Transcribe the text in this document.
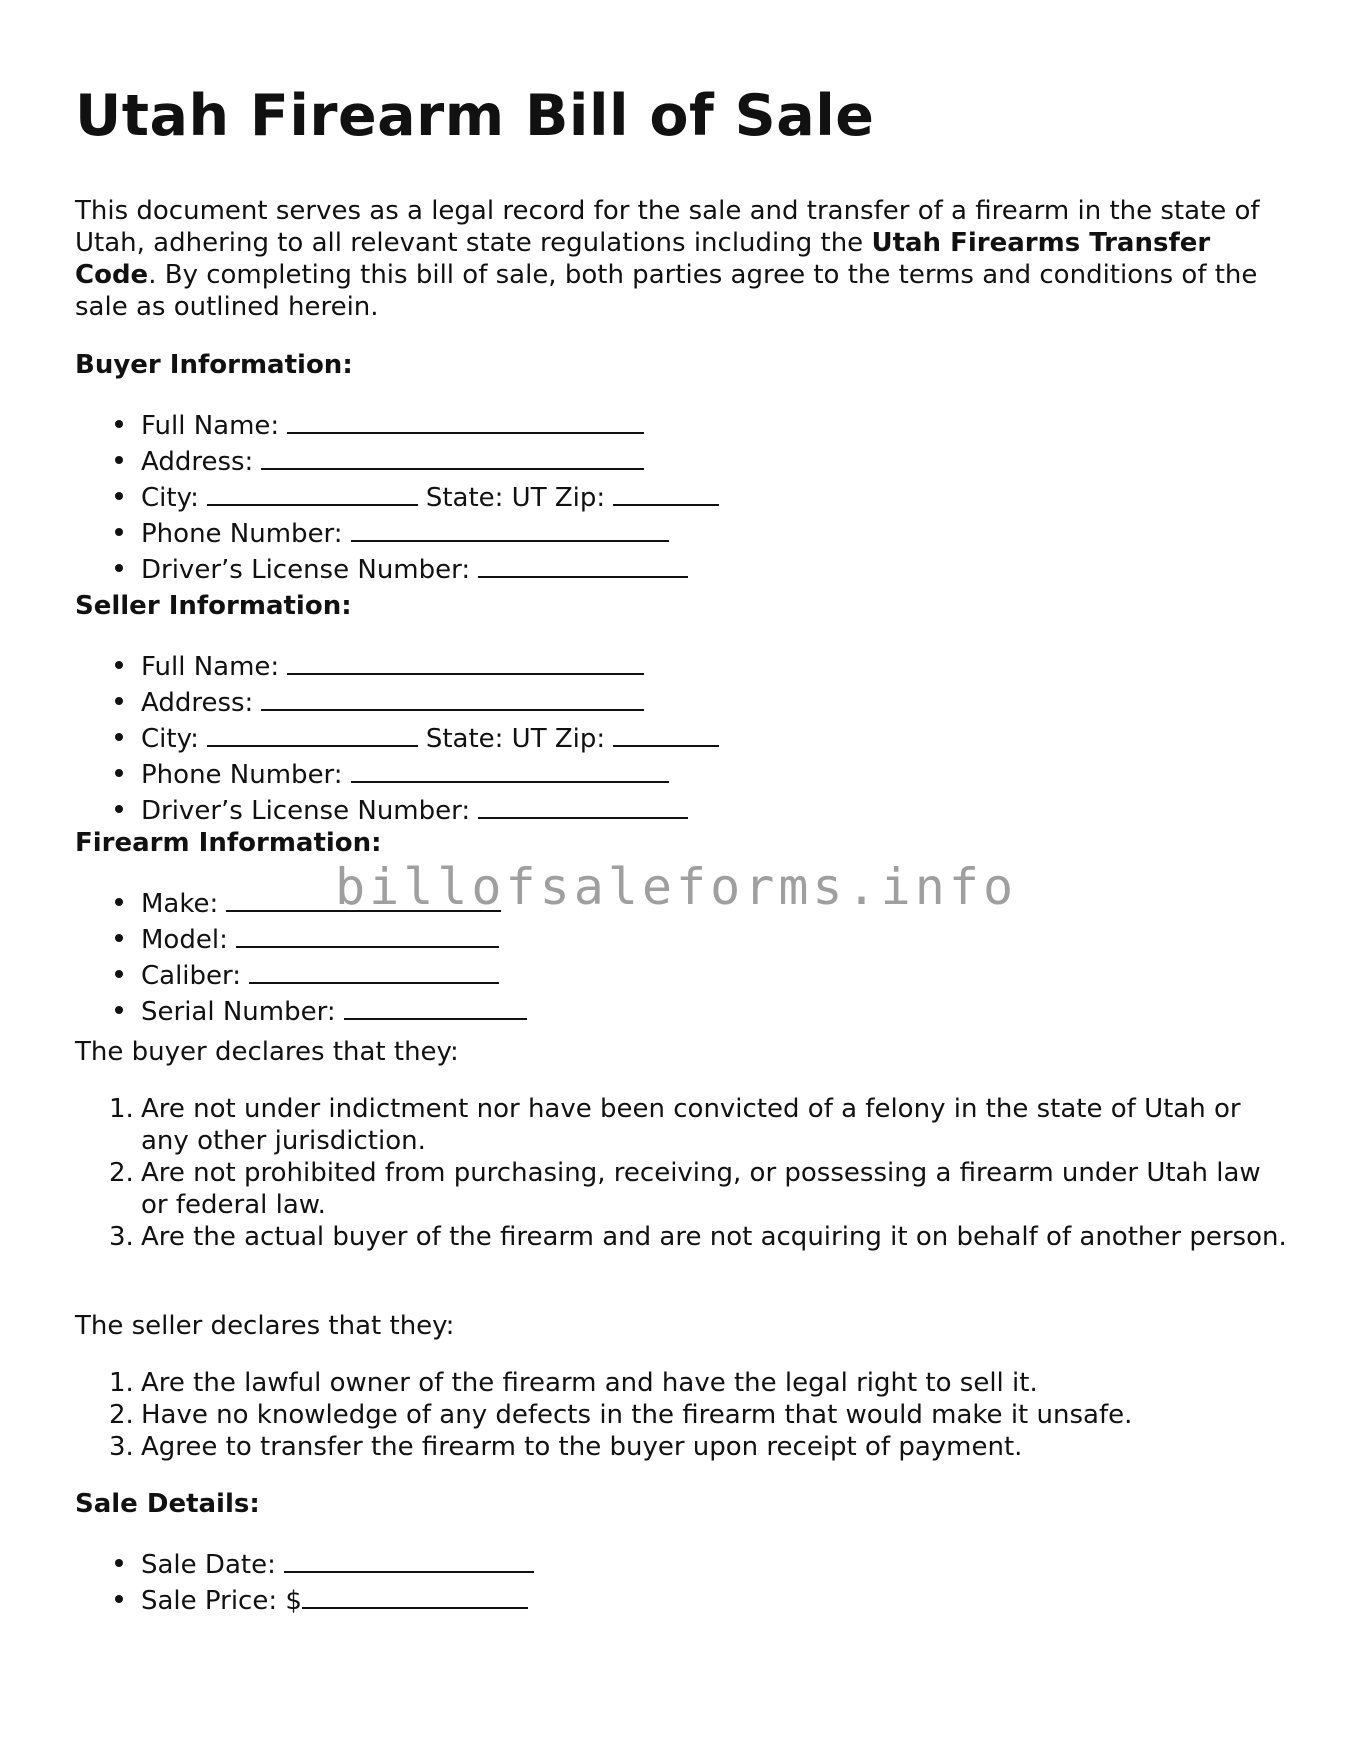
Utah Firearm Bill of Sale

This document serves as a legal record for the sale and transfer of a firearm in the state of Utah, adhering to all relevant state regulations including the Utah Firearms Transfer Code. By completing this bill of sale, both parties agree to the terms and conditions of the sale as outlined herein.

Buyer Information:

Full Name:
Address:
City:	State: UT Zip:
Phone Number:
Driver’s License Number:

Seller Information:

Full Name:
Address:
City:	State: UT Zip:
Phone Number:
Driver’s License Number:

Firearm Information:

Make:
Model:
Caliber:
Serial Number:

The buyer declares that they:

1. Are not under indictment nor have been convicted of a felony in the state of Utah or any other jurisdiction.
2. Are not prohibited from purchasing, receiving, or possessing a firearm under Utah law or federal law.
3. Are the actual buyer of the firearm and are not acquiring it on behalf of another person.

The seller declares that they:

1. Are the lawful owner of the firearm and have the legal right to sell it.
2. Have no knowledge of any defects in the firearm that would make it unsafe.
3. Agree to transfer the firearm to the buyer upon receipt of payment.

Sale Details:

Sale Date:
Sale Price: $
billofsaleforms.info
